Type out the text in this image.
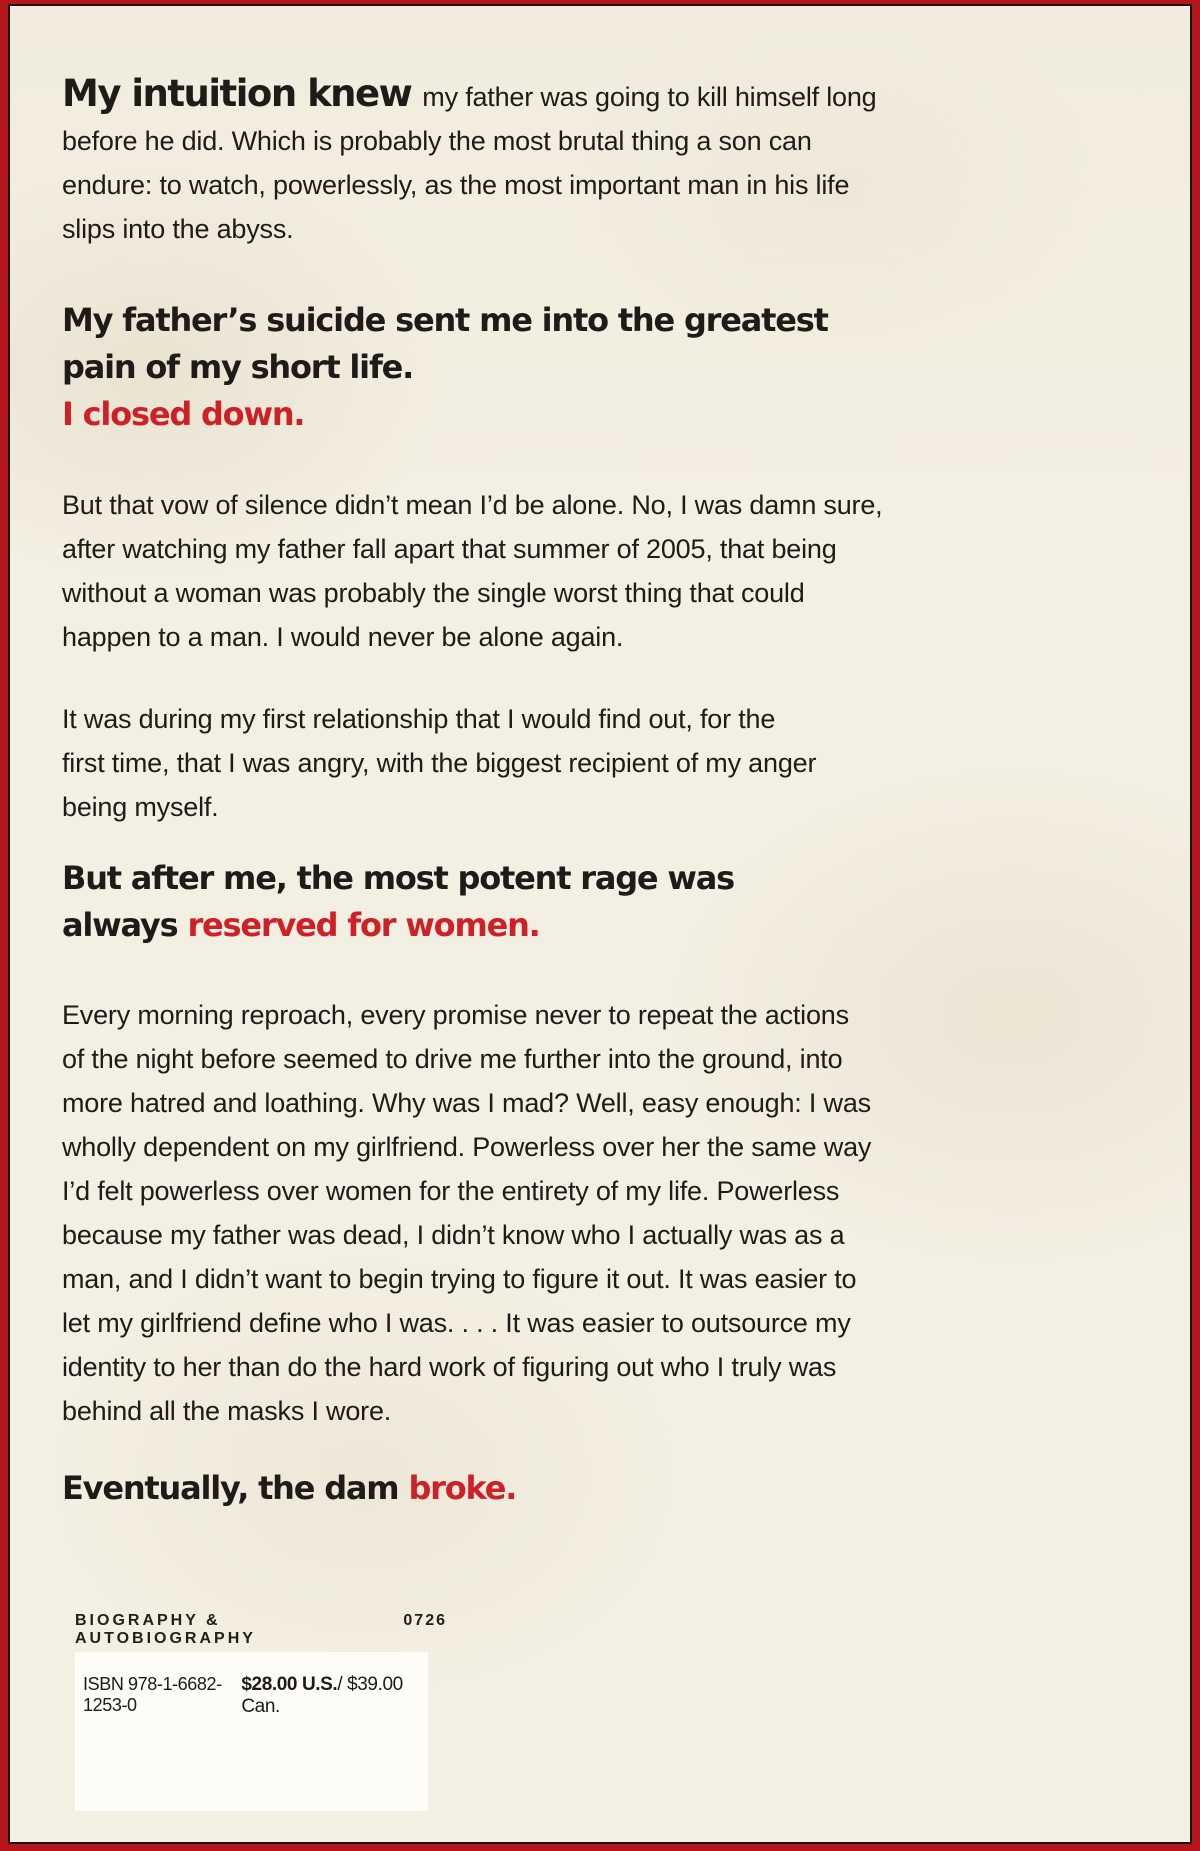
My intuition knew my father was going to kill himself long
before he did. Which is probably the most brutal thing a son can
endure: to watch, powerlessly, as the most important man in his life
slips into the abyss.
My father’s suicide sent me into the greatest
pain of my short life.
I closed down.
But that vow of silence didn’t mean I’d be alone. No, I was damn sure,
after watching my father fall apart that summer of 2005, that being
without a woman was probably the single worst thing that could
happen to a man. I would never be alone again.
It was during my first relationship that I would find out, for the
first time, that I was angry, with the biggest recipient of my anger
being myself.
But after me, the most potent rage was
always reserved for women.
Every morning reproach, every promise never to repeat the actions
of the night before seemed to drive me further into the ground, into
more hatred and loathing. Why was I mad? Well, easy enough: I was
wholly dependent on my girlfriend. Powerless over her the same way
I’d felt powerless over women for the entirety of my life. Powerless
because my father was dead, I didn’t know who I actually was as a
man, and I didn’t want to begin trying to figure it out. It was easier to
let my girlfriend define who I was. . . . It was easier to outsource my
identity to her than do the hard work of figuring out who I truly was
behind all the masks I wore.
Eventually, the dam broke.
BIOGRAPHY & AUTOBIOGRAPHY
0726
ISBN 978-1-6682-1253-0
$28.00 U.S./ $39.00 Can.
